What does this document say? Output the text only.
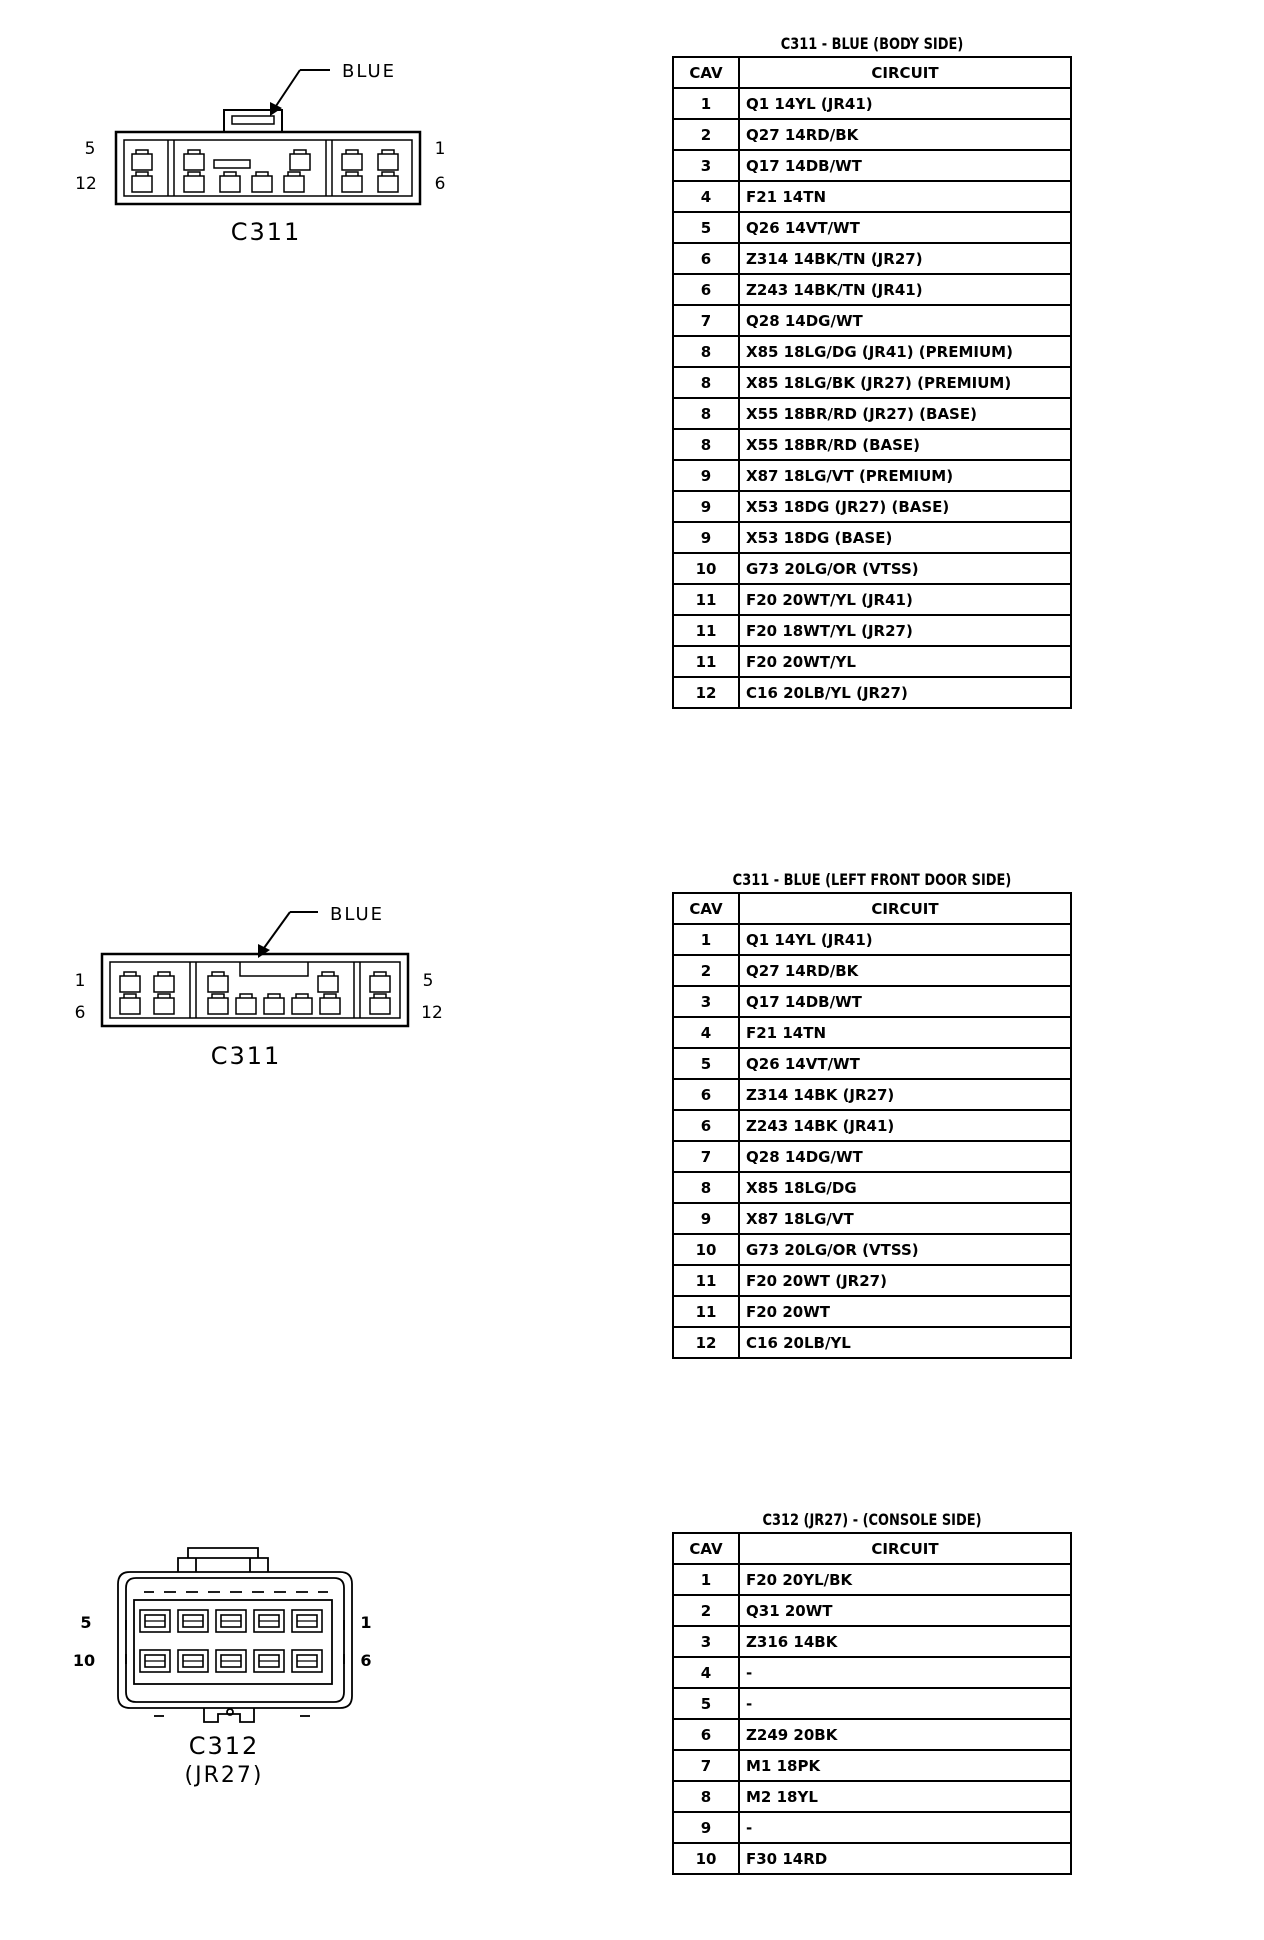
BLUE
5
12
1
6
C311
C311 - BLUE (BODY SIDE)
CAV	CIRCUIT
1	Q1 14YL (JR41)
2	Q27 14RD/BK
3	Q17 14DB/WT
4	F21 14TN
5	Q26 14VT/WT
6	Z314 14BK/TN (JR27)
6	Z243 14BK/TN (JR41)
7	Q28 14DG/WT
8	X85 18LG/DG (JR41) (PREMIUM)
8	X85 18LG/BK (JR27) (PREMIUM)
8	X55 18BR/RD (JR27) (BASE)
8	X55 18BR/RD (BASE)
9	X87 18LG/VT (PREMIUM)
9	X53 18DG (JR27) (BASE)
9	X53 18DG (BASE)
10	G73 20LG/OR (VTSS)
11	F20 20WT/YL (JR41)
11	F20 18WT/YL (JR27)
11	F20 20WT/YL
12	C16 20LB/YL (JR27)
BLUE
1
6
5
12
C311
C311 - BLUE (LEFT FRONT DOOR SIDE)
CAV	CIRCUIT
1	Q1 14YL (JR41)
2	Q27 14RD/BK
3	Q17 14DB/WT
4	F21 14TN
5	Q26 14VT/WT
6	Z314 14BK (JR27)
6	Z243 14BK (JR41)
7	Q28 14DG/WT
8	X85 18LG/DG
9	X87 18LG/VT
10	G73 20LG/OR (VTSS)
11	F20 20WT (JR27)
11	F20 20WT
12	C16 20LB/YL
5
10
1
6
C312
(JR27)
C312 (JR27) - (CONSOLE SIDE)
CAV	CIRCUIT
1	F20 20YL/BK
2	Q31 20WT
3	Z316 14BK
4	-
5	-
6	Z249 20BK
7	M1 18PK
8	M2 18YL
9	-
10	F30 14RD
